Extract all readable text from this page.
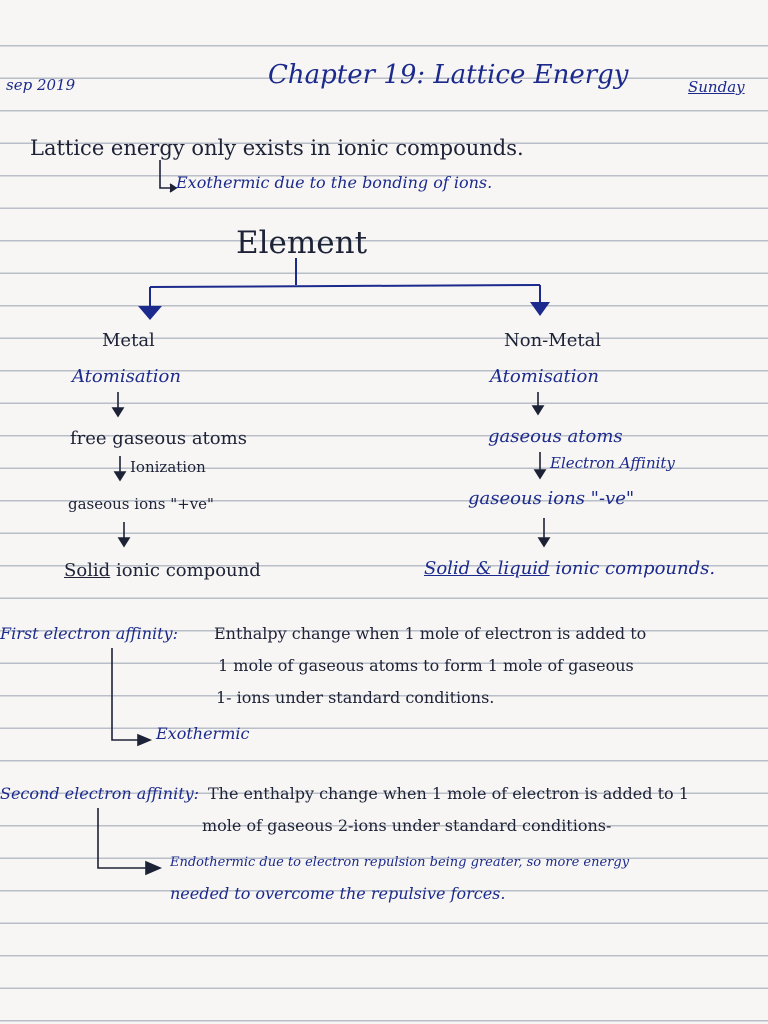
sep 2019	Chapter 19: Lattice Energy	Sunday
Lattice energy only exists in ionic compounds.
Exothermic due to the bonding of ions.
Element
Metal
Atomisation
free gaseous atoms
Ionization
gaseous ions "+ve"
Solid ionic compound
Non-Metal
Atomisation
gaseous atoms
Electron Affinity
gaseous ions "-ve"
Solid & liquid ionic compounds.
First electron affinity: Enthalpy change when 1 mole of electron is added to
1 mole of gaseous atoms to form 1 mole of gaseous
1- ions under standard conditions.
Exothermic
Second electron affinity: The enthalpy change when 1 mole of electron is added to 1
mole of gaseous 2-ions under standard conditions-
Endothermic due to electron repulsion being greater, so more energy
needed to overcome the repulsive forces.
